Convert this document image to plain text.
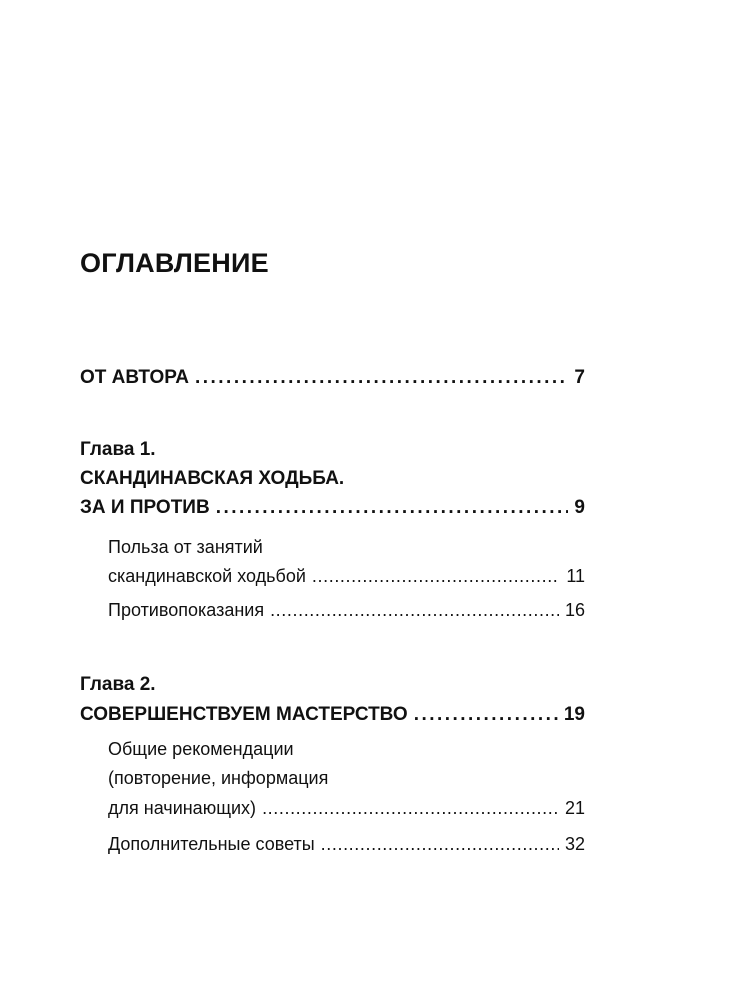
ОГЛАВЛЕНИЕ
ОТ АВТОРА . . .	7
Глава 1.
СКАНДИНАВСКАЯ ХОДЬБА.
ЗА И ПРОТИВ . . .	9
Польза от занятий
скандинавской ходьбой . . .	11
Противопоказания . . .	16
Глава 2.
СОВЕРШЕНСТВУЕМ МАСТЕРСТВО . . .	19
Общие рекомендации
(повторение, информация
для начинающих) . . .	21
Дополнительные советы . . .	32
